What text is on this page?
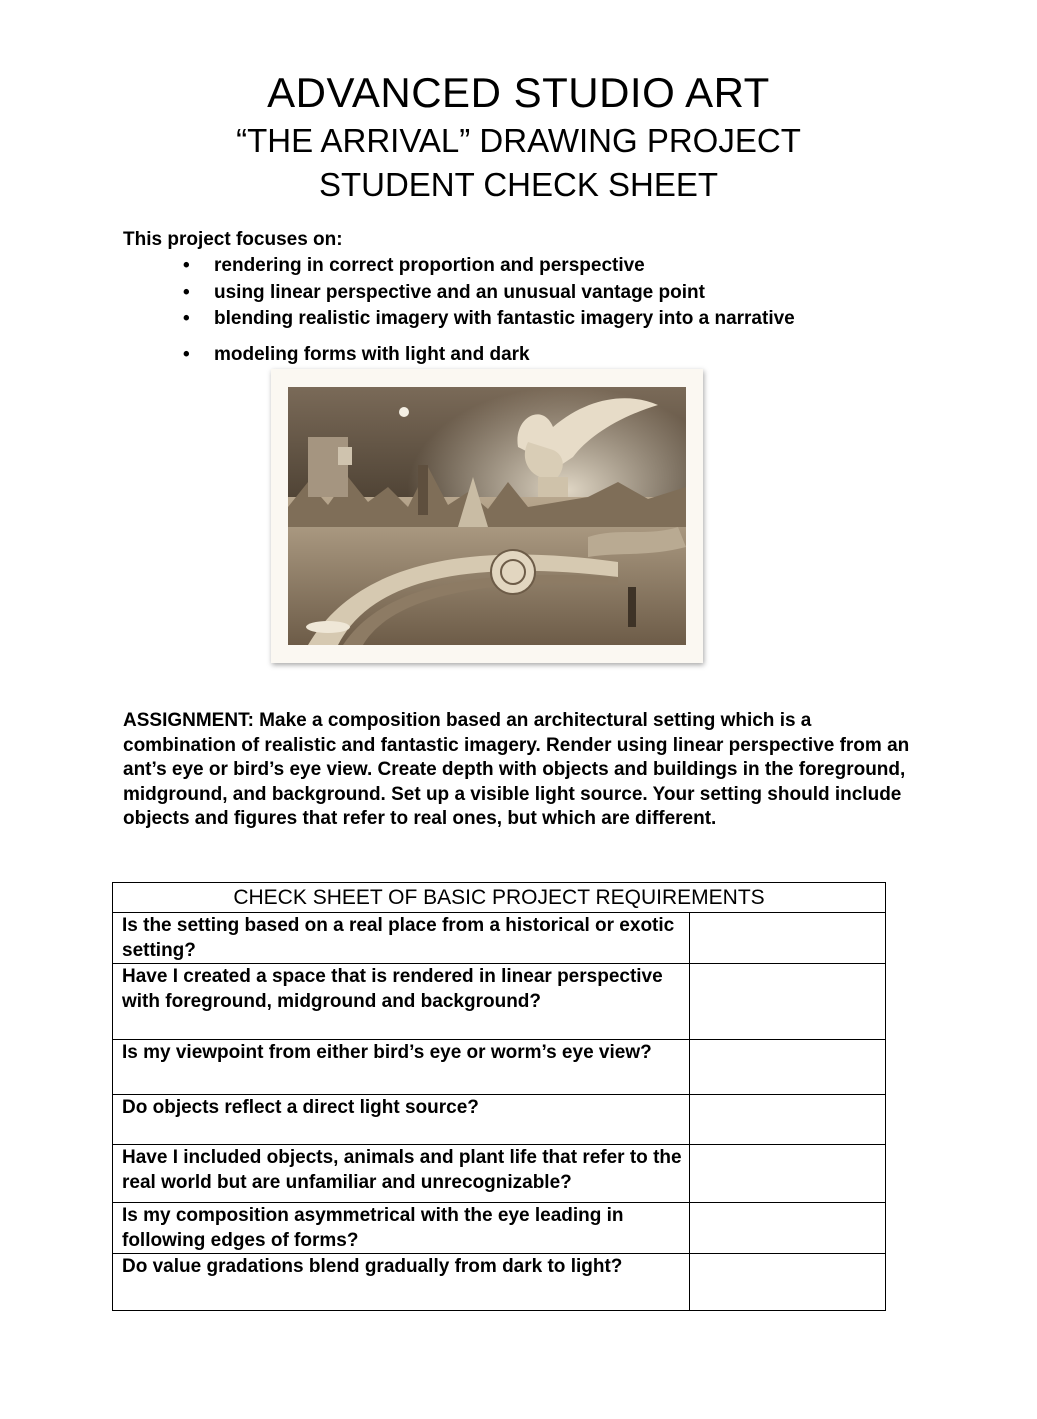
ADVANCED STUDIO ART
“THE ARRIVAL” DRAWING PROJECT
STUDENT CHECK SHEET
This project focuses on:
• rendering in correct proportion and perspective
• using linear perspective and an unusual vantage point
• blending realistic imagery with fantastic imagery into a narrative
• modeling forms with light and dark

ASSIGNMENT: Make a composition based an architectural setting which is a combination of realistic and fantastic imagery. Render using linear perspective from an ant’s eye or bird’s eye view. Create depth with objects and buildings in the foreground, midground, and background. Set up a visible light source. Your setting should include objects and figures that refer to real ones, but which are different.

CHECK SHEET OF BASIC PROJECT REQUIREMENTS	
Is the setting based on a real place from a historical or exotic setting?	
Have I created a space that is rendered in linear perspective with foreground, midground and background?	
Is my viewpoint from either bird’s eye or worm’s eye view?	
Do objects reflect a direct light source?	
Have I included objects, animals and plant life that refer to the real world but are unfamiliar and unrecognizable?	
Is my composition asymmetrical with the eye leading in following edges of forms?	
Do value gradations blend gradually from dark to light?	
